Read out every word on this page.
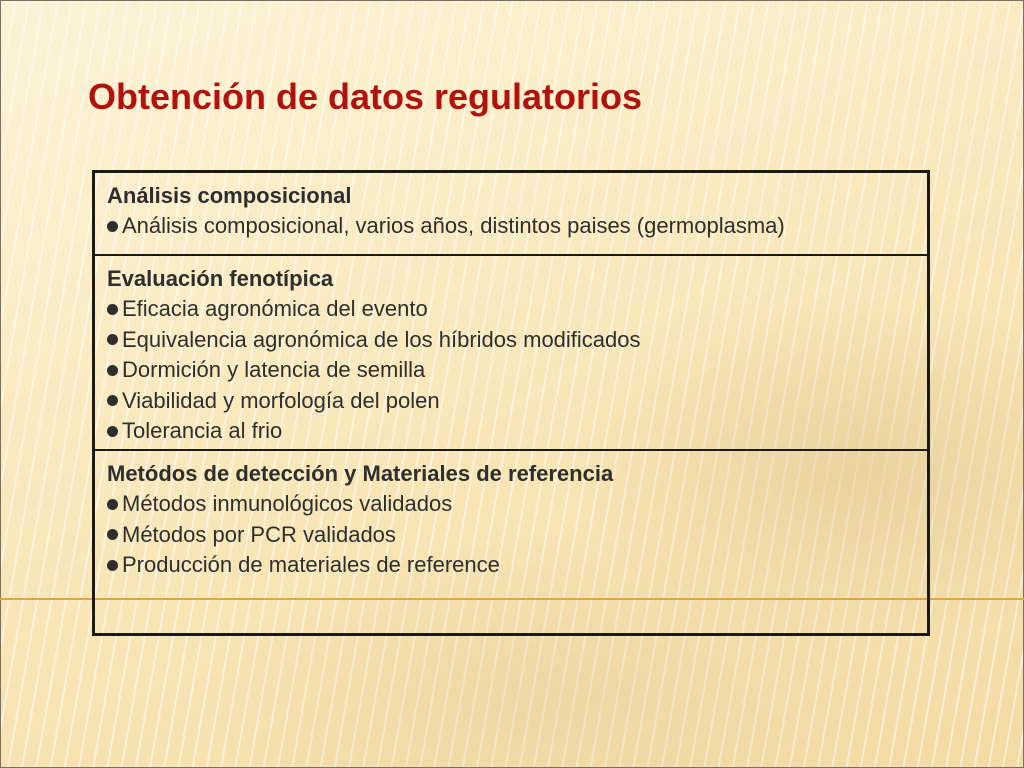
Obtención de datos regulatorios
Análisis composicional
Análisis composicional, varios años, distintos paises (germoplasma)
Evaluación fenotípica
Eficacia agronómica del evento
Equivalencia agronómica de los híbridos modificados
Dormición y latencia de semilla
Viabilidad y morfología del polen
Tolerancia al frio
Metódos de detección y Materiales de referencia
Métodos inmunológicos validados
Métodos por PCR validados
Producción de materiales de reference
